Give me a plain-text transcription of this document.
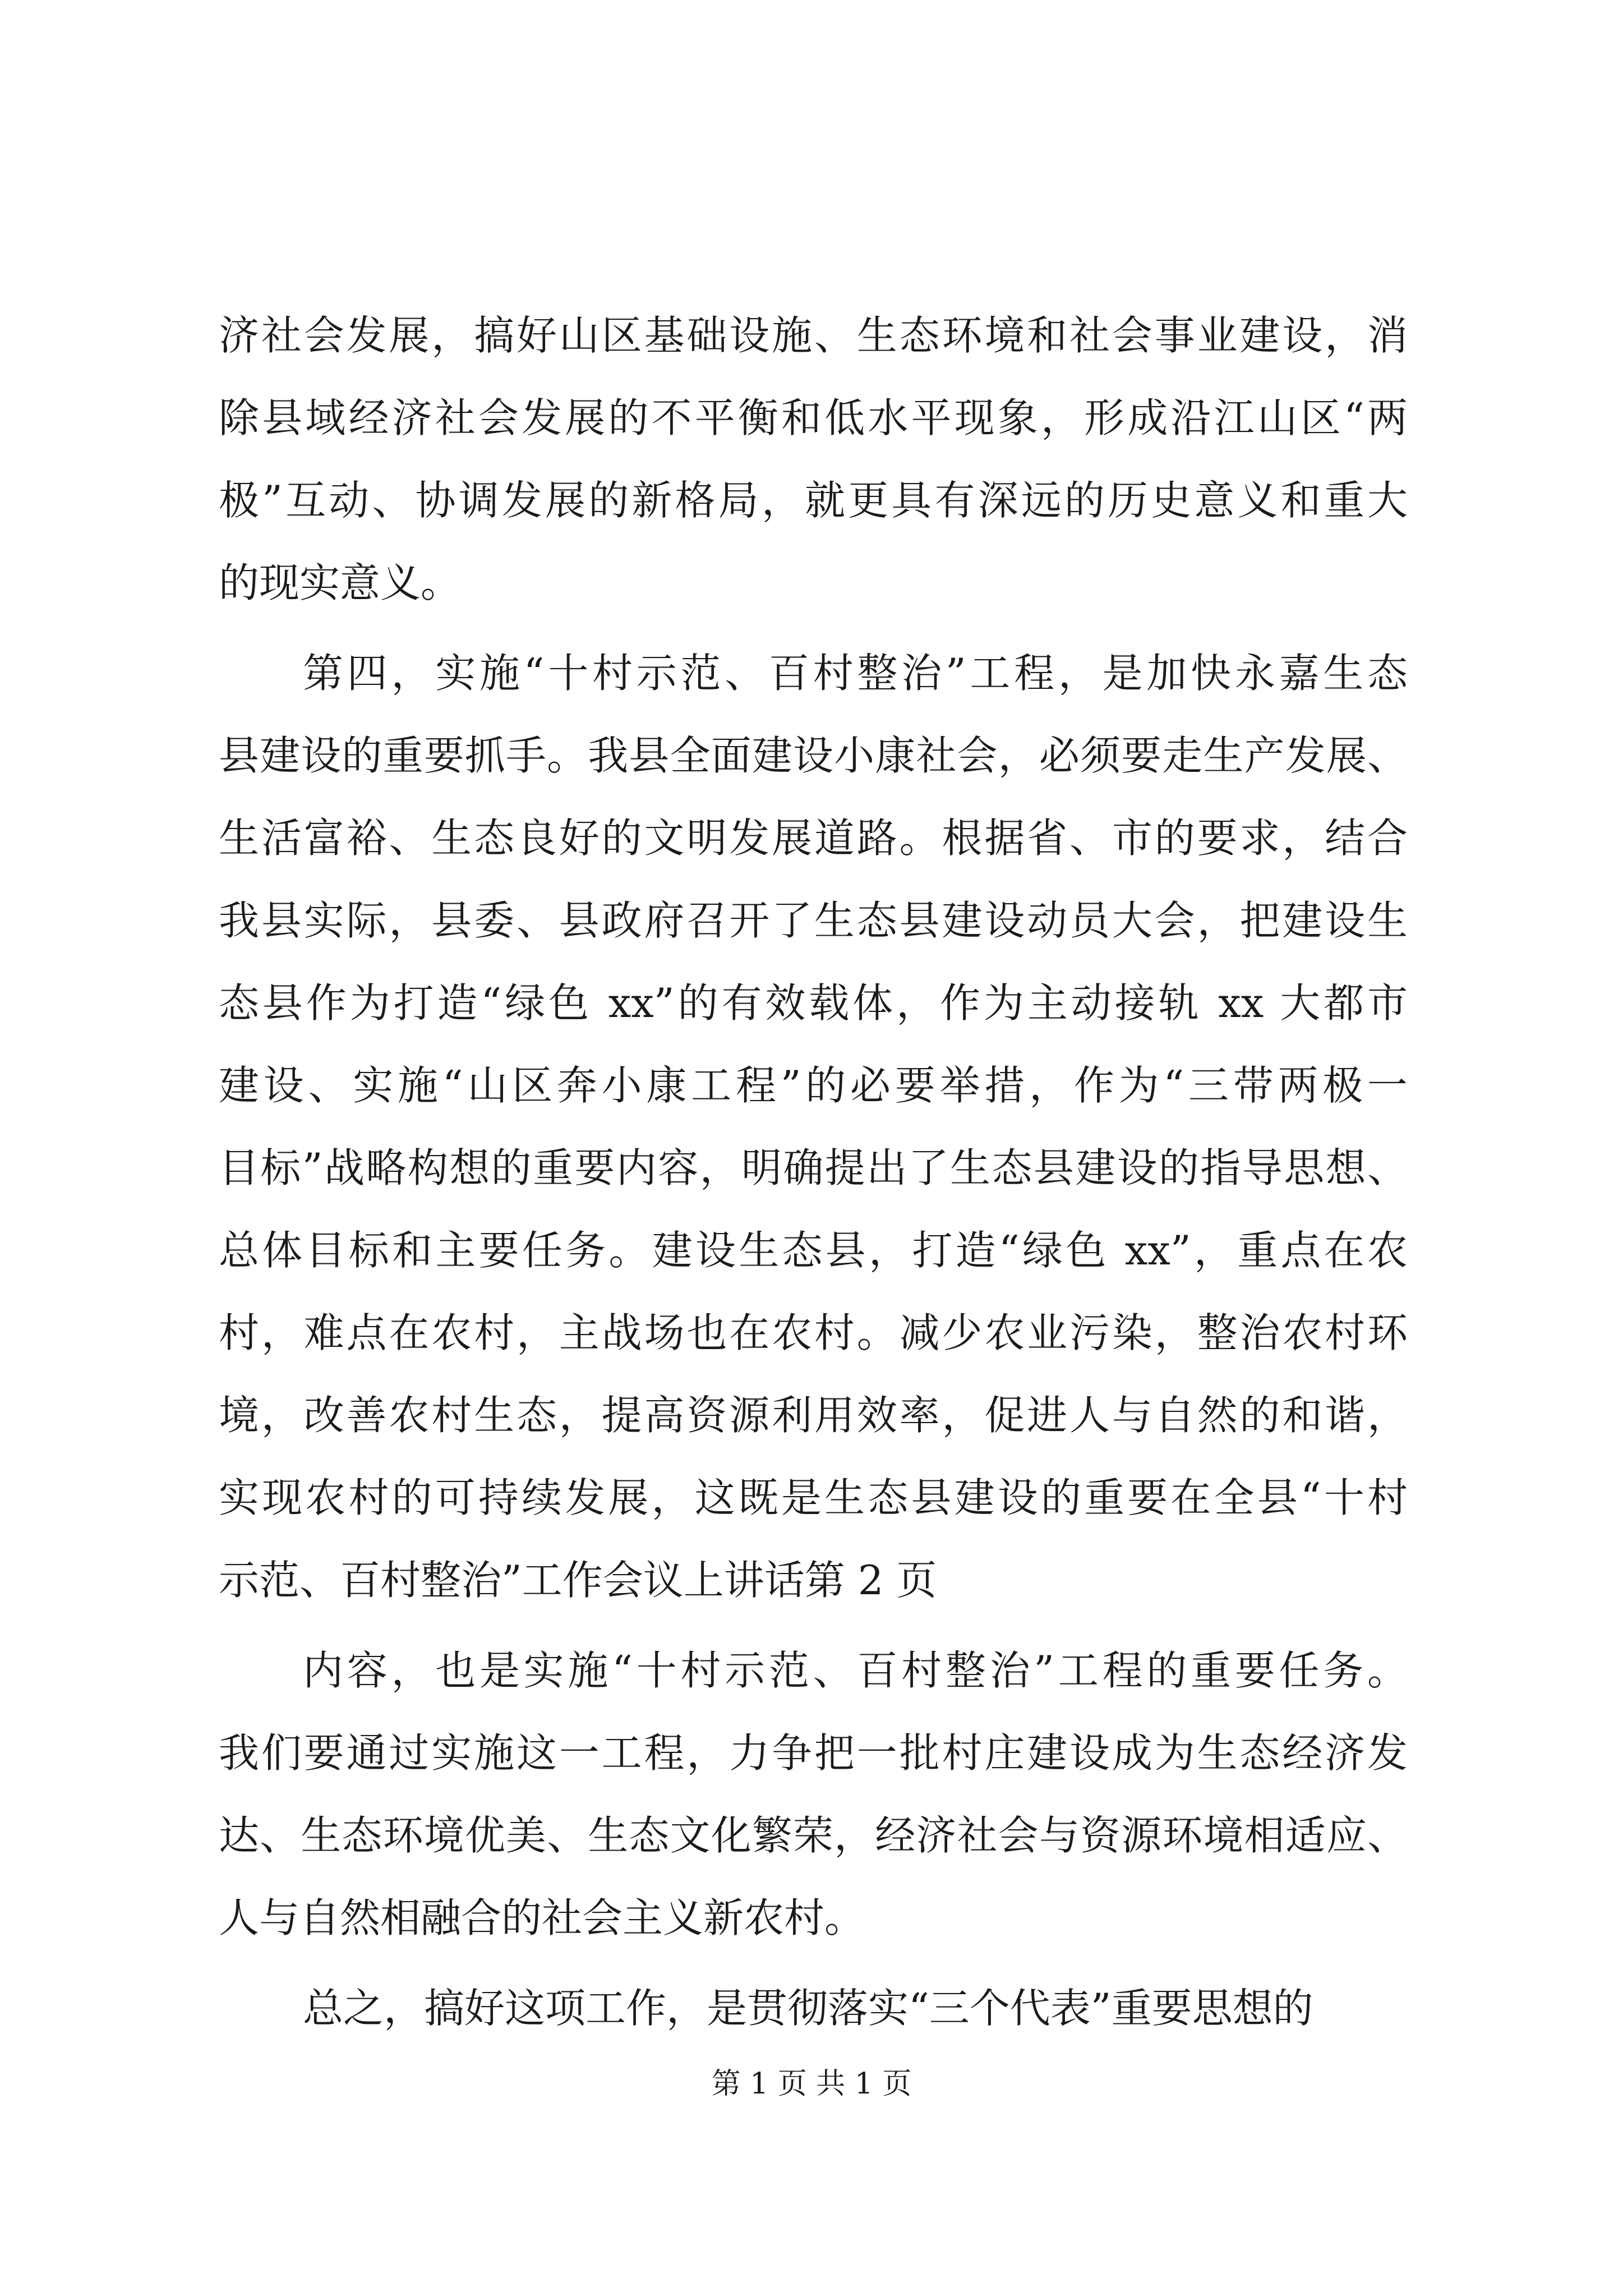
济社会发展，搞好山区基础设施、生态环境和社会事业建设，消
除县域经济社会发展的不平衡和低水平现象，形成沿江山区“两
极”互动、协调发展的新格局，就更具有深远的历史意义和重大
的现实意义。
第四，实施“十村示范、百村整治”工程，是加快永嘉生态
县建设的重要抓手。我县全面建设小康社会，必须要走生产发展、
生活富裕、生态良好的文明发展道路。根据省、市的要求，结合
我县实际，县委、县政府召开了生态县建设动员大会，把建设生
态县作为打造“绿色 xx”的有效载体，作为主动接轨 xx 大都市
建设、实施“山区奔小康工程”的必要举措，作为“三带两极一
目标”战略构想的重要内容，明确提出了生态县建设的指导思想、
总体目标和主要任务。建设生态县，打造“绿色 xx”，重点在农
村，难点在农村，主战场也在农村。减少农业污染，整治农村环
境，改善农村生态，提高资源利用效率，促进人与自然的和谐，
实现农村的可持续发展，这既是生态县建设的重要在全县“十村
示范、百村整治”工作会议上讲话第 2 页
内容，也是实施“十村示范、百村整治”工程的重要任务。
我们要通过实施这一工程，力争把一批村庄建设成为生态经济发
达、生态环境优美、生态文化繁荣，经济社会与资源环境相适应、
人与自然相融合的社会主义新农村。
总之，搞好这项工作，是贯彻落实“三个代表”重要思想的
第 1 页 共 1 页
